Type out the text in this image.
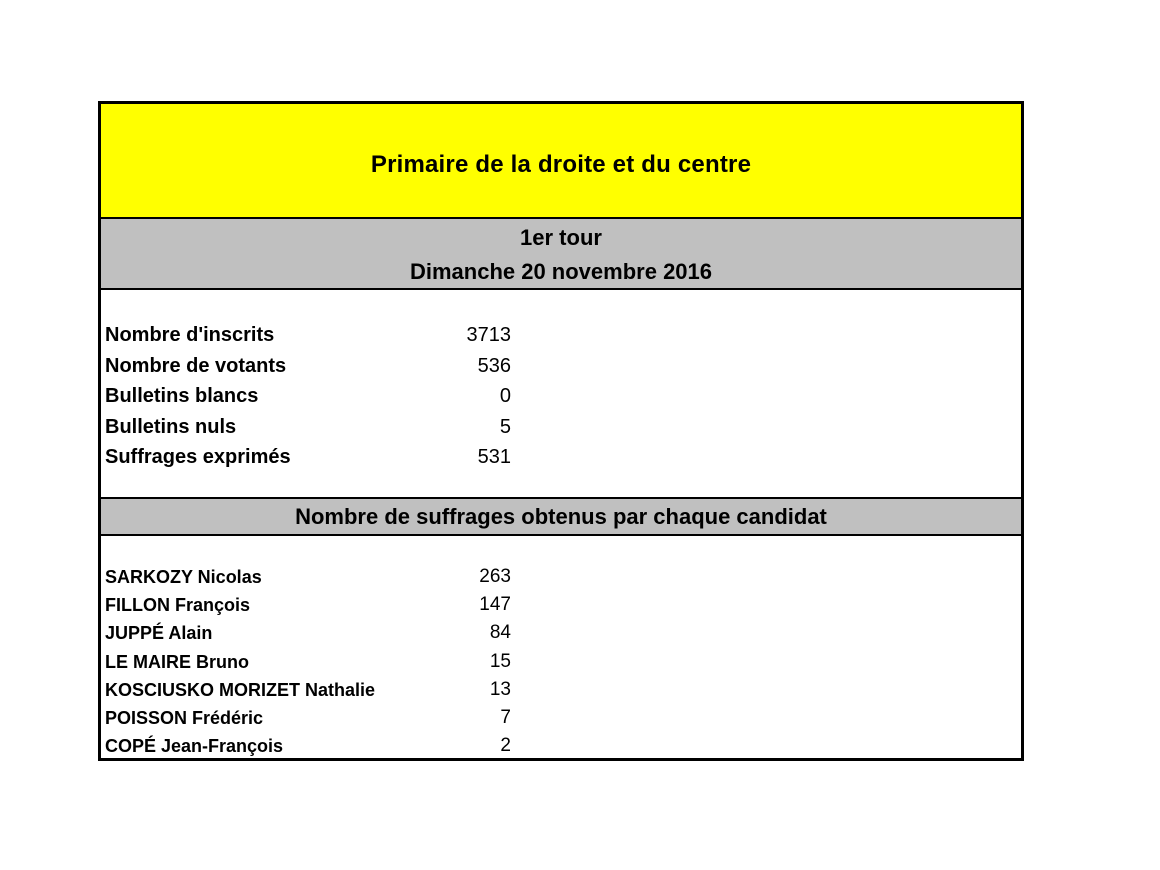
Primaire de la droite et du centre
1er tour
Dimanche 20 novembre 2016
Nombre d'inscrits	3713
Nombre de votants	536
Bulletins blancs	0
Bulletins nuls	5
Suffrages exprimés	531
Nombre de suffrages obtenus par chaque candidat
SARKOZY Nicolas	263
FILLON François	147
JUPPÉ Alain	84
LE MAIRE Bruno	15
KOSCIUSKO MORIZET Nathalie	13
POISSON Frédéric	7
COPÉ Jean-François	2
